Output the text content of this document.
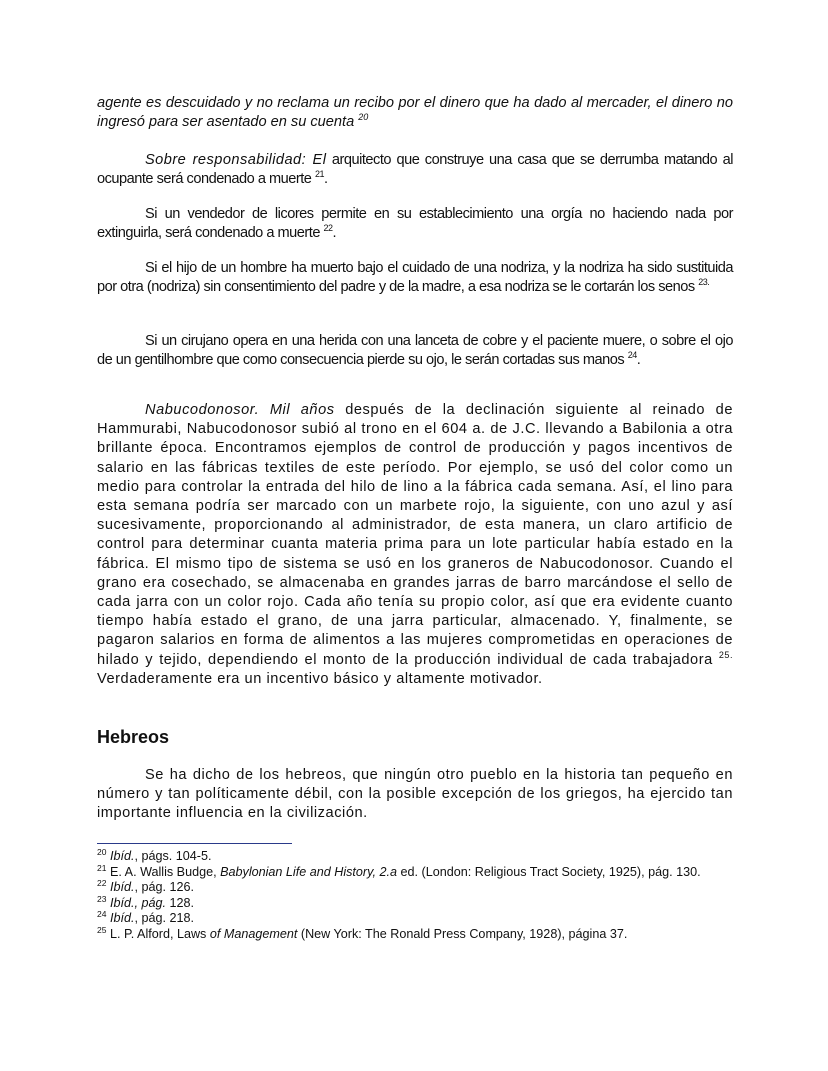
agente es descuidado y no reclama un recibo por el dinero que ha dado al mercader, el dinero no ingresó para ser asentado en su cuenta $^{20}$
Sobre responsabilidad: El arquitecto que construye una casa que se derrumba matando al ocupante será condenado a muerte $^{21}$.
Si un vendedor de licores permite en su establecimiento una orgía no haciendo nada por extinguirla, será condenado a muerte $^{22}$.
Si el hijo de un hombre ha muerto bajo el cuidado de una nodriza, y la nodriza ha sido sustituida por otra (nodriza) sin consentimiento del padre y de la madre, a esa nodriza se le cortarán los senos $^{23.}$
Si un cirujano opera en una herida con una lanceta de cobre y el paciente muere, o sobre el ojo de un gentilhombre que como consecuencia pierde su ojo, le serán cortadas sus manos $^{24}$.
Nabucodonosor. Mil años después de la declinación siguiente al reinado de Hammurabi, Nabucodonosor subió al trono en el 604 a. de J.C. llevando a Babilonia a otra brillante época. Encontramos ejemplos de control de producción y pagos incentivos de salario en las fábricas textiles de este período. Por ejemplo, se usó del color como un medio para controlar la entrada del hilo de lino a la fábrica cada semana. Así, el lino para esta semana podría ser marcado con un marbete rojo, la siguiente, con uno azul y así sucesivamente, proporcionando al administrador, de esta manera, un claro artificio de control para determinar cuanta materia prima para un lote particular había estado en la fábrica. El mismo tipo de sistema se usó en los graneros de Nabucodonosor. Cuando el grano era cosechado, se almacenaba en grandes jarras de barro marcándose el sello de cada jarra con un color rojo. Cada año tenía su propio color, así que era evidente cuanto tiempo había estado el grano, de una jarra particular, almacenado. Y, finalmente, se pagaron salarios en forma de alimentos a las mujeres comprometidas en operaciones de hilado y tejido, dependiendo el monto de la producción individual de cada trabajadora $^{25.}$ Verdaderamente era un incentivo básico y altamente motivador.
Hebreos
Se ha dicho de los hebreos, que ningún otro pueblo en la historia tan pequeño en número y tan políticamente débil, con la posible excepción de los griegos, ha ejercido tan importante influencia en la civilización.
$^{20}$ Ibíd., págs. 104-5.
$^{21}$ E. A. Wallis Budge, Babylonian Life and History, 2.a ed. (London: Religious Tract Society, 1925), pág. 130.
$^{22}$ Ibíd., pág. 126.
$^{23}$ Ibíd., pág. 128.
$^{24}$ Ibíd., pág. 218.
$^{25}$ L. P. Alford, Laws of Management (New York: The Ronald Press Company, 1928), página 37.
